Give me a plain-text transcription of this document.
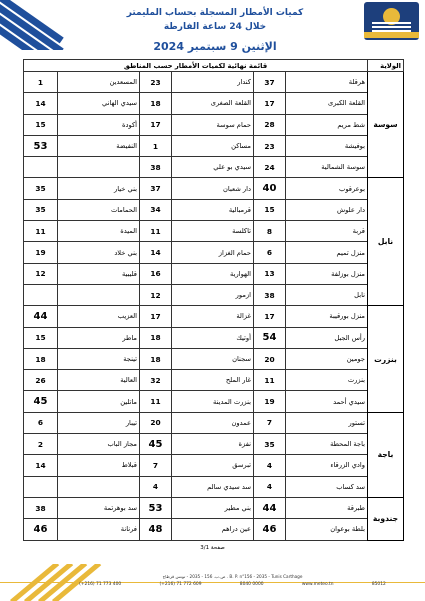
كميات الأمطار المسجلة بحساب المليمتر
خلال 24 ساعة الفارطة
الإثنين 9 سبتمبر 2024
الولاية	قائمة نهائية لكميات الأمطار حسب المناطق					
سوسة	هرقلة	37	كندار	23	المسعدين	1
	القلعة الكبرى	17	القلعة الصغرى	18	سيدي الهاني	14
	شط مريم	28	حمام سوسة	17	أكودة	15
	بوفيشة	23	مساكن	1	النفيضة	53
	سوسة الشمالية	24	سيدي بو علي	38		
نابل	بوعرقوب	40	دار شعبان	37	بني خيار	35
	دار علوش	15	قرمبالية	34	الحمامات	35
	قربة	8	تاكلسة	11	الميدة	11
	منزل تميم	6	حمام الغزاز	14	بني خلاد	19
	منزل بوزلفة	13	الهوارية	16	قليبية	12
	نابل	38	ازمور	12		
بنزرت	منزل بورقيبة	17	غزالة	17	العزيب	44
	رأس الجبل	54	أوتيك	18	ماطر	15
	جومين	20	سجنان	18	تينجة	18
	بنزرت	11	غار الملح	32	العالية	26
	سيدي أحمد	19	بنزرت المدينة	11	ماتلين	45
باجة	تستور	7	عمدون	20	تيبار	6
	باجة المحطة	35	نفزة	45	مجاز الباب	2
	وادي الزرقاء	4	تبرسق	7	قبلاط	14
	سد كساب	4	سد سيدي سالم	4		
جندوبة	طبرقة	44	بني مطير	53	سد بوهرتمة	38
	بلطة بوعوان	46	عين دراهم	48	فرنانة	46
صفحة 3/1
ص.ب. 156 - 2035 - تونس قرطاج . B. P. n°156 - 2035 - Tunis Carthage
(+216) 71 773 400	(+216) 71 772 609	8040 0000	www.meteo.tn	85012
